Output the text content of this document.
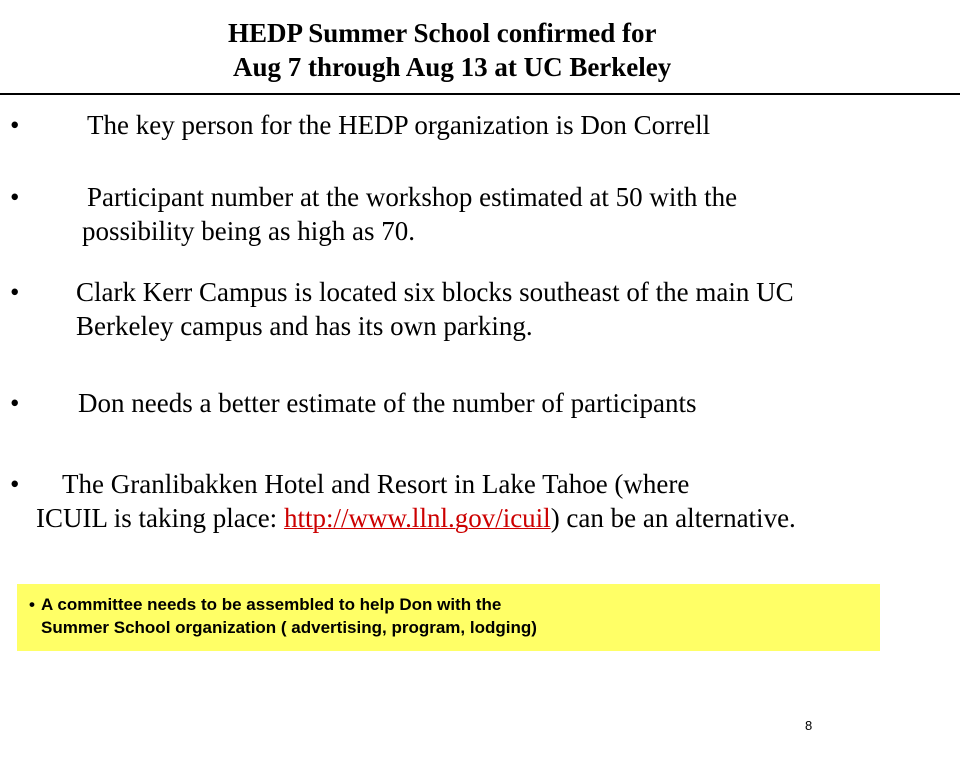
HEDP Summer School confirmed for
Aug 7 through Aug 13 at UC Berkeley
•	The key person for the HEDP organization is Don Correll
•	Participant number at the workshop estimated at 50 with the
possibility being as high as 70.
• Clark Kerr Campus is located six blocks southeast of the main UC
Berkeley campus and has its own parking.
• Don needs a better estimate of the number of participants
• The Granlibakken Hotel and Resort in Lake Tahoe (where
ICUIL is taking place: http://www.llnl.gov/icuil) can be an alternative.
• A committee needs to be assembled to help Don with the
Summer School organization ( advertising, program, lodging)
8
